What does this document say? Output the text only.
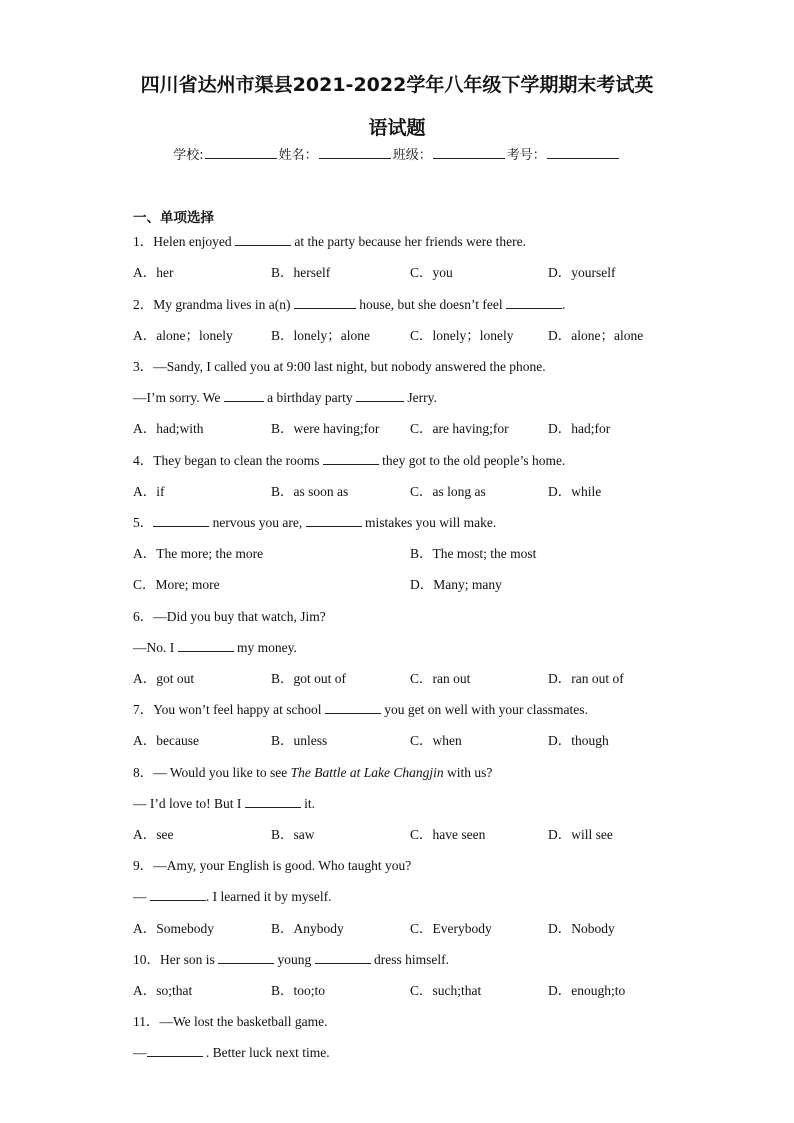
四川省达州市渠县2021-2022学年八年级下学期期末考试英
语试题
学校:	姓名：	班级：	考号：
一、单项选择
1．Helen enjoyed	at the party because her friends were there.
A．her	B．herself	C．you	D．yourself
2．My grandma lives in a(n)	house, but she doesn’t feel	.
A．alone；lonely	B．lonely；alone	C．lonely；lonely	D．alone；alone
3．—Sandy, I called you at 9:00 last night, but nobody answered the phone.
—I’m sorry. We	a birthday party	Jerry.
A．had;with	B．were having;for C．are having;for	D．had;for
4．They began to clean the rooms	they got to the old people’s home.
A．if	B．as soon as	C．as long as	D．while
5．	nervous you are,	mistakes you will make.
A．The more; the more	B．The most; the most
C．More; more	D．Many; many
6．—Did you buy that watch, Jim?
—No. I	my money.
A．got out	B．got out of	C．ran out	D．ran out of
7．You won’t feel happy at school	you get on well with your classmates.
A．because	B．unless	C．when	D．though
8．— Would you like to see The Battle at Lake Changjin with us?
— I’d love to! But I	it.
A．see	B．saw	C．have seen	D．will see
9．—Amy, your English is good. Who taught you?
—	. I learned it by myself.
A．Somebody	B．Anybody	C．Everybody	D．Nobody
10．Her son is	young	dress himself.
A．so;that	B．too;to	C．such;that	D．enough;to
11．—We lost the basketball game.
—	. Better luck next time.
